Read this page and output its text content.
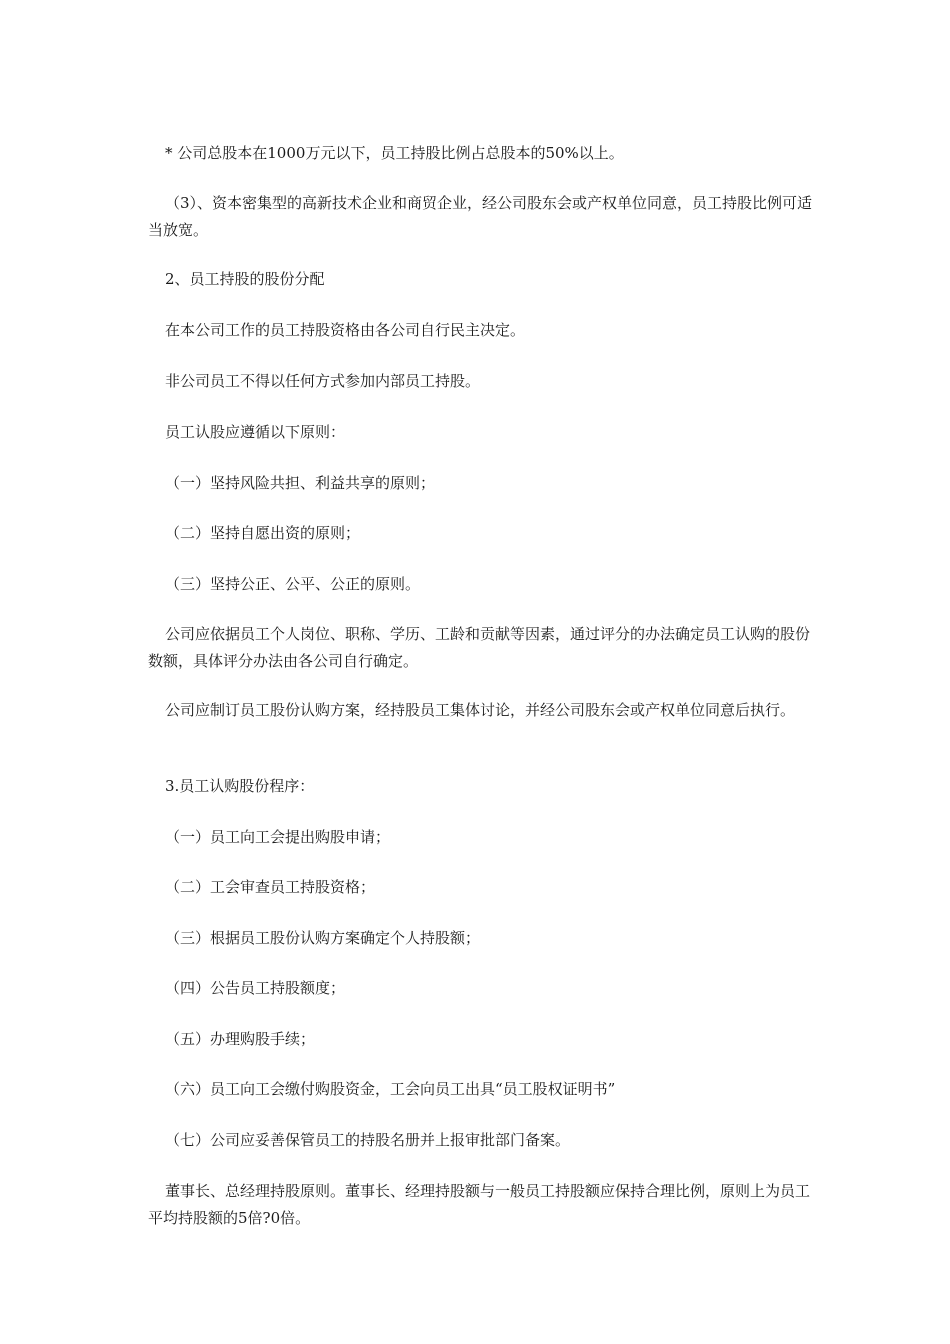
* 公司总股本在1000万元以下，员工持股比例占总股本的50%以上。

（3）、资本密集型的高新技术企业和商贸企业，经公司股东会或产权单位同意，员工持股比例可适当放宽。

2、员工持股的股份分配

在本公司工作的员工持股资格由各公司自行民主决定。

非公司员工不得以任何方式参加内部员工持股。

员工认股应遵循以下原则：

（一）坚持风险共担、利益共享的原则；

（二）坚持自愿出资的原则；

（三）坚持公正、公平、公正的原则。

公司应依据员工个人岗位、职称、学历、工龄和贡献等因素，通过评分的办法确定员工认购的股份数额，具体评分办法由各公司自行确定。

公司应制订员工股份认购方案，经持股员工集体讨论，并经公司股东会或产权单位同意后执行。

3.员工认购股份程序：

（一）员工向工会提出购股申请；

（二）工会审查员工持股资格；

（三）根据员工股份认购方案确定个人持股额；

（四）公告员工持股额度；

（五）办理购股手续；

（六）员工向工会缴付购股资金，工会向员工出具“员工股权证明书”

（七）公司应妥善保管员工的持股名册并上报审批部门备案。

董事长、总经理持股原则。董事长、经理持股额与一般员工持股额应保持合理比例，原则上为员工平均持股额的5倍?0倍。
